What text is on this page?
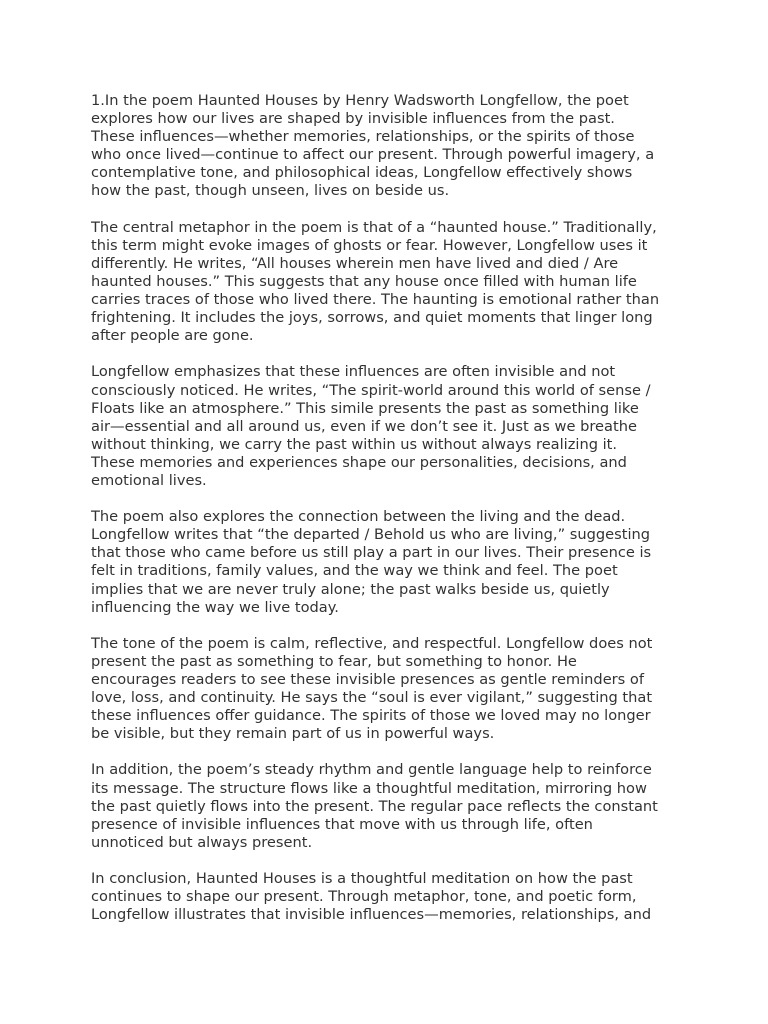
1.In the poem Haunted Houses by Henry Wadsworth Longfellow, the poet
explores how our lives are shaped by invisible influences from the past.
These influences—whether memories, relationships, or the spirits of those
who once lived—continue to affect our present. Through powerful imagery, a
contemplative tone, and philosophical ideas, Longfellow effectively shows
how the past, though unseen, lives on beside us.

The central metaphor in the poem is that of a “haunted house.” Traditionally,
this term might evoke images of ghosts or fear. However, Longfellow uses it
differently. He writes, “All houses wherein men have lived and died / Are
haunted houses.” This suggests that any house once filled with human life
carries traces of those who lived there. The haunting is emotional rather than
frightening. It includes the joys, sorrows, and quiet moments that linger long
after people are gone.

Longfellow emphasizes that these influences are often invisible and not
consciously noticed. He writes, “The spirit-world around this world of sense /
Floats like an atmosphere.” This simile presents the past as something like
air—essential and all around us, even if we don’t see it. Just as we breathe
without thinking, we carry the past within us without always realizing it.
These memories and experiences shape our personalities, decisions, and
emotional lives.

The poem also explores the connection between the living and the dead.
Longfellow writes that “the departed / Behold us who are living,” suggesting
that those who came before us still play a part in our lives. Their presence is
felt in traditions, family values, and the way we think and feel. The poet
implies that we are never truly alone; the past walks beside us, quietly
influencing the way we live today.

The tone of the poem is calm, reflective, and respectful. Longfellow does not
present the past as something to fear, but something to honor. He
encourages readers to see these invisible presences as gentle reminders of
love, loss, and continuity. He says the “soul is ever vigilant,” suggesting that
these influences offer guidance. The spirits of those we loved may no longer
be visible, but they remain part of us in powerful ways.

In addition, the poem’s steady rhythm and gentle language help to reinforce
its message. The structure flows like a thoughtful meditation, mirroring how
the past quietly flows into the present. The regular pace reflects the constant
presence of invisible influences that move with us through life, often
unnoticed but always present.

In conclusion, Haunted Houses is a thoughtful meditation on how the past
continues to shape our present. Through metaphor, tone, and poetic form,
Longfellow illustrates that invisible influences—memories, relationships, and
